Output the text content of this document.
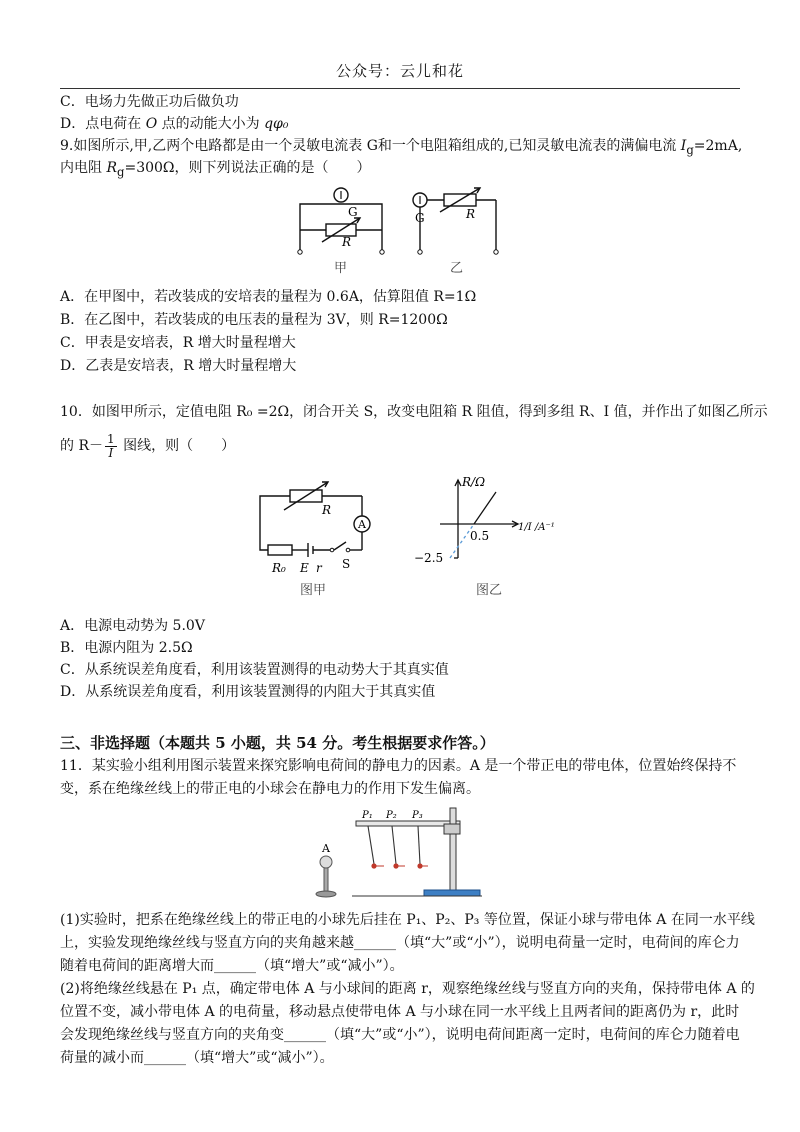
公众号：云儿和花
C．电场力先做正功后做负功
D．点电荷在 O 点的动能大小为 qφ₀
9.如图所示,甲,乙两个电路都是由一个灵敏电流表 G和一个电阻箱组成的,已知灵敏电流表的满偏电流 $I_g=2mA$,
内电阻 $R_g=300\Omega$，则下列说法正确的是（　　）
G
R
G	R
甲	乙
A．在甲图中，若改装成的安培表的量程为 0.6A，估算阻值 R=1Ω
B．在乙图中，若改装成的电压表的量程为 3V，则 R=1200Ω
C．甲表是安培表，R 增大时量程增大
D．乙表是安培表，R 增大时量程增大
10．如图甲所示，定值电阻 R₀ =2Ω，闭合开关 S，改变电阻箱 R 阻值，得到多组 R、I 值，并作出了如图乙所示
的 $R- \frac{1}{I}$ 图线，则（　　）
A
R
R₀ E r S
图甲
R/Ω
1/I /A⁻¹
0.5
−2.5
图乙
A．电源电动势为 5.0V
B．电源内阻为 2.5Ω
C．从系统误差角度看，利用该装置测得的电动势大于其真实值
D．从系统误差角度看，利用该装置测得的内阻大于其真实值
三、非选择题（本题共 5 小题，共 54 分。考生根据要求作答。）
11．某实验小组利用图示装置来探究影响电荷间的静电力的因素。A 是一个带正电的带电体，位置始终保持不
变，系在绝缘丝线上的带正电的小球会在静电力的作用下发生偏离。
A
P₁ P₂ P₃
(1)实验时，把系在绝缘丝线上的带正电的小球先后挂在 P₁、P₂、P₃ 等位置，保证小球与带电体 A 在同一水平线
上，实验发现绝缘丝线与竖直方向的夹角越来越______（填“大”或“小”），说明电荷量一定时，电荷间的库仑力
随着电荷间的距离增大而______（填“增大”或“减小”）。
(2)将绝缘丝线悬在 P₁ 点，确定带电体 A 与小球间的距离 r，观察绝缘丝线与竖直方向的夹角，保持带电体 A 的
位置不变，减小带电体 A 的电荷量，移动悬点使带电体 A 与小球在同一水平线上且两者间的距离仍为 r，此时
会发现绝缘丝线与竖直方向的夹角变______（填“大”或“小”），说明电荷间距离一定时，电荷间的库仑力随着电
荷量的减小而______（填“增大”或“减小”）。
